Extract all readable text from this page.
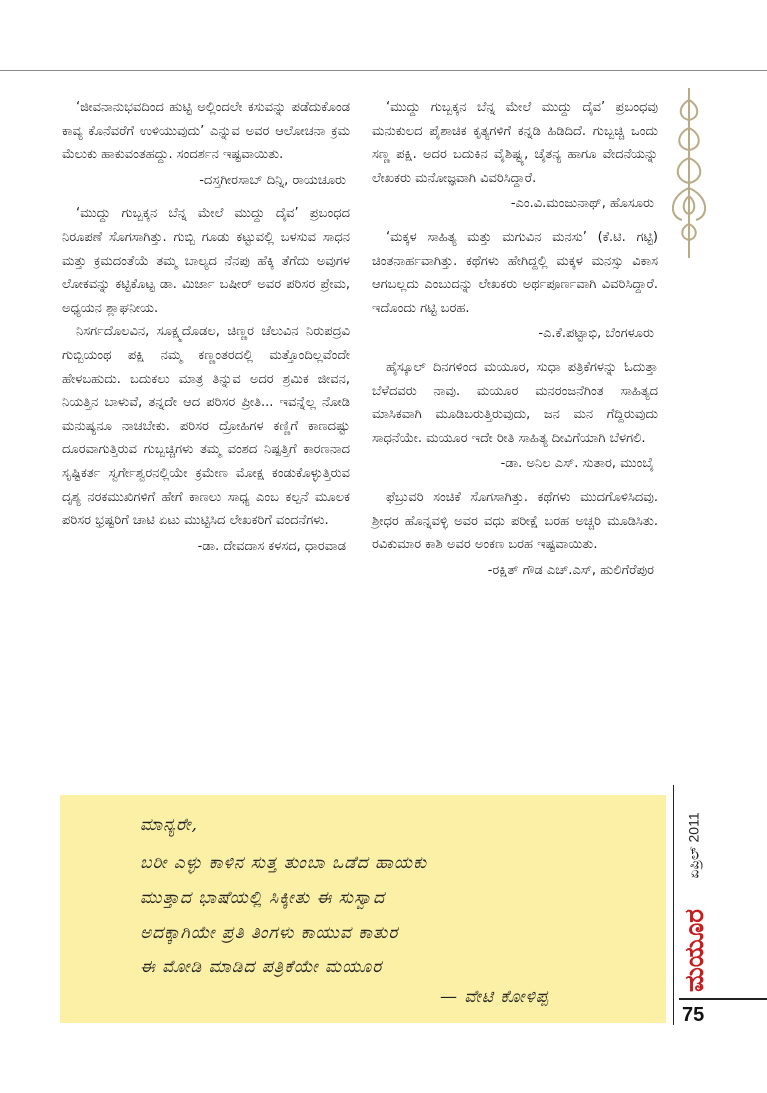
‘ಜೀವನಾನುಭವದಿಂದ ಹುಟ್ಟಿ ಅಲ್ಲಿಂದಲೇ ಕಸುವನ್ನು ಪಡೆದುಕೊಂಡ ಕಾವ್ಯ ಕೊನೆವರೆಗೆ ಉಳಿಯುವುದು’ ಎನ್ನುವ ಅವರ ಆಲೋಚನಾ ಕ್ರಮ ಮೆಲುಕು ಹಾಕುವಂತಹದ್ದು. ಸಂದರ್ಶನ ಇಷ್ಟವಾಯಿತು.

-ದಸ್ತಗೀರಸಾಬ್ ದಿನ್ನಿ, ರಾಯಚೂರು

‘ಮುದ್ದು ಗುಬ್ಬಕ್ಕನ ಬೆನ್ನ ಮೇಲೆ ಮುದ್ದು ದೈವ’ ಪ್ರಬಂಧದ ನಿರೂಪಣೆ ಸೊಗಸಾಗಿತ್ತು. ಗುಬ್ಬಿ ಗೂಡು ಕಟ್ಟುವಲ್ಲಿ ಬಳಸುವ ಸಾಧನ ಮತ್ತು ಕ್ರಮದಂತೆಯೆ ತಮ್ಮ ಬಾಲ್ಯದ ನೆನಪು ಹೆಕ್ಕಿ ತೆಗೆದು ಅವುಗಳ ಲೋಕವನ್ನು ಕಟ್ಟಿಕೊಟ್ಟ ಡಾ. ಮಿರ್ಜಾ ಬಷೀರ್ ಅವರ ಪರಿಸರ ಪ್ರೇಮ, ಅಧ್ಯಯನ ಶ್ಲಾಘನೀಯ.

ನಿಸರ್ಗದೊಲವಿನ, ಸೂಕ್ಷ್ಮದೊಡಲ, ಚಿಣ್ಣರ ಚೆಲುವಿನ ನಿರುಪದ್ರವಿ ಗುಬ್ಬಿಯಂಥ ಪಕ್ಷಿ ನಮ್ಮ ಕಣ್ಣಂತರದಲ್ಲಿ ಮತ್ತೊಂದಿಲ್ಲವೆಂದೇ ಹೇಳಬಹುದು. ಬದುಕಲು ಮಾತ್ರ ತಿನ್ನುವ ಅದರ ಶ್ರಮಿಕ ಜೀವನ, ನಿಯತ್ತಿನ ಬಾಳುವೆ, ತನ್ನದೇ ಆದ ಪರಿಸರ ಪ್ರೀತಿ... ಇವನ್ನೆಲ್ಲ ನೋಡಿ ಮನುಷ್ಯನೂ ನಾಚಬೇಕು. ಪರಿಸರ ದ್ರೋಹಿಗಳ ಕಣ್ಣಿಗೆ ಕಾಣದಷ್ಟು ದೂರವಾಗುತ್ತಿರುವ ಗುಬ್ಬಚ್ಚಿಗಳು ತಮ್ಮ ವಂಶದ ನಿಷ್ಪತ್ತಿಗೆ ಕಾರಣನಾದ ಸೃಷ್ಟಿಕರ್ತ ಸ್ವರ್ಗೇಶ್ವರನಲ್ಲಿಯೇ ಕ್ರಮೇಣ ಮೋಕ್ಷ ಕಂಡುಕೊಳ್ಳುತ್ತಿರುವ ದೃಶ್ಯ ನರಕಮುಖಿಗಳಿಗೆ ಹೇಗೆ ಕಾಣಲು ಸಾಧ್ಯ ಎಂಬ ಕಲ್ಪನೆ ಮೂಲಕ ಪರಿಸರ ಭ್ರಷ್ಟರಿಗೆ ಚಾಟಿ ಏಟು ಮುಟ್ಟಿಸಿದ ಲೇಖಕರಿಗೆ ವಂದನೆಗಳು.

-ಡಾ. ದೇವದಾಸ ಕಳಸದ, ಧಾರವಾಡ

‘ಮುದ್ದು ಗುಬ್ಬಕ್ಕನ ಬೆನ್ನ ಮೇಲೆ ಮುದ್ದು ದೈವ’ ಪ್ರಬಂಧವು ಮನುಕುಲದ ಪೈಶಾಚಿಕ ಕೃತ್ಯಗಳಿಗೆ ಕನ್ನಡಿ ಹಿಡಿದಿದೆ. ಗುಬ್ಬಚ್ಚಿ ಒಂದು ಸಣ್ಣ ಪಕ್ಷಿ. ಅದರ ಬದುಕಿನ ವೈಶಿಷ್ಟ್ಯ, ಚೈತನ್ಯ ಹಾಗೂ ವೇದನೆಯನ್ನು ಲೇಖಕರು ಮನೋಜ್ಞವಾಗಿ ವಿವರಿಸಿದ್ದಾರೆ.

-ಎಂ.ವಿ.ಮಂಜುನಾಥ್, ಹೊಸೂರು

‘ಮಕ್ಕಳ ಸಾಹಿತ್ಯ ಮತ್ತು ಮಗುವಿನ ಮನಸು’ (ಕೆ.ಟಿ. ಗಟ್ಟಿ) ಚಿಂತನಾರ್ಹವಾಗಿತ್ತು. ಕಥೆಗಳು ಹೇಗಿದ್ದಲ್ಲಿ ಮಕ್ಕಳ ಮನಸ್ಸು ವಿಕಾಸ ಆಗಬಲ್ಲದು ಎಂಬುದನ್ನು ಲೇಖಕರು ಅರ್ಥಪೂರ್ಣವಾಗಿ ವಿವರಿಸಿದ್ದಾರೆ. ಇದೊಂದು ಗಟ್ಟಿ ಬರಹ.

-ಎ.ಕೆ.ಪಟ್ಟಾಭಿ, ಬೆಂಗಳೂರು

ಹೈಸ್ಕೂಲ್ ದಿನಗಳಿಂದ ಮಯೂರ, ಸುಧಾ ಪತ್ರಿಕೆಗಳನ್ನು ಓದುತ್ತಾ ಬೆಳೆದವರು ನಾವು. ಮಯೂರ ಮನರಂಜನೆಗಿಂತ ಸಾಹಿತ್ಯದ ಮಾಸಿಕವಾಗಿ ಮೂಡಿಬರುತ್ತಿರುವುದು, ಜನ ಮನ ಗೆದ್ದಿರುವುದು ಸಾಧನೆಯೇ. ಮಯೂರ ಇದೇ ರೀತಿ ಸಾಹಿತ್ಯ ದೀವಿಗೆಯಾಗಿ ಬೆಳಗಲಿ.

-ಡಾ. ಅನಿಲ ಎಸ್. ಸುತಾರ, ಮುಂಬೈ

ಫೆಬ್ರುವರಿ ಸಂಚಿಕೆ ಸೊಗಸಾಗಿತ್ತು. ಕಥೆಗಳು ಮುದಗೊಳಿಸಿದವು. ಶ್ರೀಧರ ಹೊನ್ನವಳ್ಳಿ ಅವರ ವಧು ಪರೀಕ್ಷೆ ಬರಹ ಅಚ್ಚರಿ ಮೂಡಿಸಿತು. ರವಿಕುಮಾರ ಕಾಶಿ ಅವರ ಅಂಕಣ ಬರಹ ಇಷ್ಟವಾಯಿತು.

-ರಕ್ಷಿತ್ ಗೌಡ ಎಚ್.ಎಸ್, ಹುಲಿಗೆರೆಪುರ
ಮಾನ್ಯರೇ,
ಬರೀ ಎಳ್ಳು ಕಾಳಿನ ಸುತ್ತ ತುಂಬಾ ಒಡೆದ ಹಾಯಕು
ಮುತ್ತಾದ ಭಾಷೆಯಲ್ಲಿ ಸಿಕ್ಕೀತು ಈ ಸುಸ್ವಾದ
ಅದಕ್ಕಾಗಿಯೇ ಪ್ರತಿ ತಿಂಗಳು ಕಾಯುವ ಕಾತುರ
ಈ ಮೋಡಿ ಮಾಡಿದ ಪತ್ರಿಕೆಯೇ ಮಯೂರ
— ವೇಟಿ ಕೋಳಿಪ್ಪ
ಏಪ್ರಿಲ್ 2011
ಮಯೂರ
75
